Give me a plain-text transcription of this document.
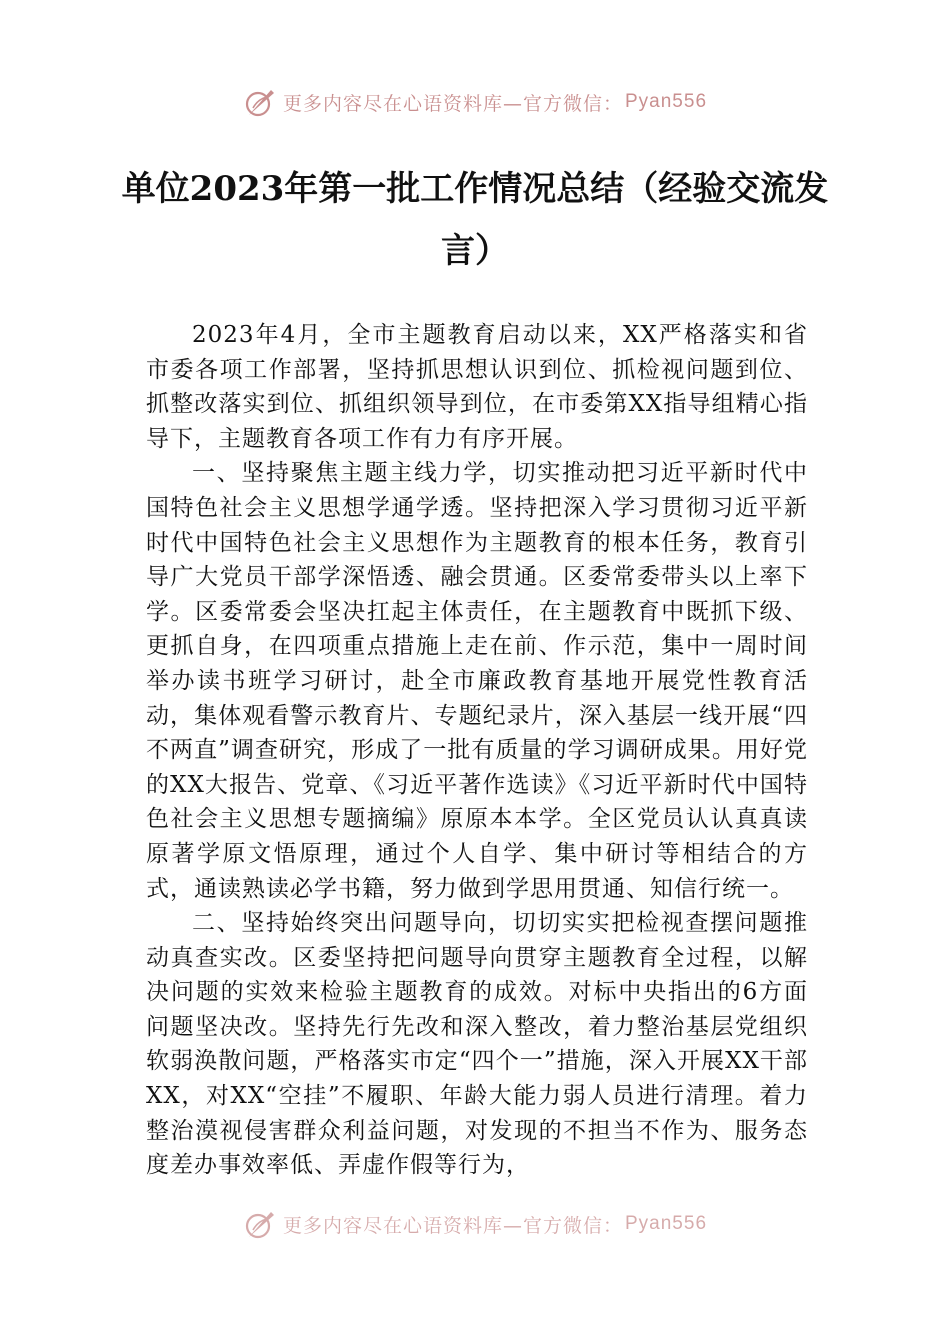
更多内容尽在心语资料库—官方微信： Pyan556
单位2023年第一批工作情况总结（经验交流发言）

2023年4月，全市主题教育启动以来，XX严格落实和省市委各项工作部署，坚持抓思想认识到位、抓检视问题到位、抓整改落实到位、抓组织领导到位，在市委第XX指导组精心指导下，主题教育各项工作有力有序开展。

一、坚持聚焦主题主线力学，切实推动把习近平新时代中国特色社会主义思想学通学透。坚持把深入学习贯彻习近平新时代中国特色社会主义思想作为主题教育的根本任务，教育引导广大党员干部学深悟透、融会贯通。区委常委带头以上率下学。区委常委会坚决扛起主体责任，在主题教育中既抓下级、更抓自身，在四项重点措施上走在前、作示范，集中一周时间举办读书班学习研讨，赴全市廉政教育基地开展党性教育活动，集体观看警示教育片、专题纪录片，深入基层一线开展“四不两直”调查研究，形成了一批有质量的学习调研成果。用好党的XX大报告、党章、《习近平著作选读》《习近平新时代中国特色社会主义思想专题摘编》原原本本学。全区党员认认真真读原著学原文悟原理，通过个人自学、集中研讨等相结合的方式，通读熟读必学书籍，努力做到学思用贯通、知信行统一。

二、坚持始终突出问题导向，切切实实把检视查摆问题推动真查实改。区委坚持把问题导向贯穿主题教育全过程，以解决问题的实效来检验主题教育的成效。对标中央指出的6方面问题坚决改。坚持先行先改和深入整改，着力整治基层党组织软弱涣散问题，严格落实市定“四个一”措施，深入开展XX干部XX，对XX“空挂”不履职、年龄大能力弱人员进行清理。着力整治漠视侵害群众利益问题，对发现的不担当不作为、服务态度差办事效率低、弄虚作假等行为，

更多内容尽在心语资料库—官方微信： Pyan556
